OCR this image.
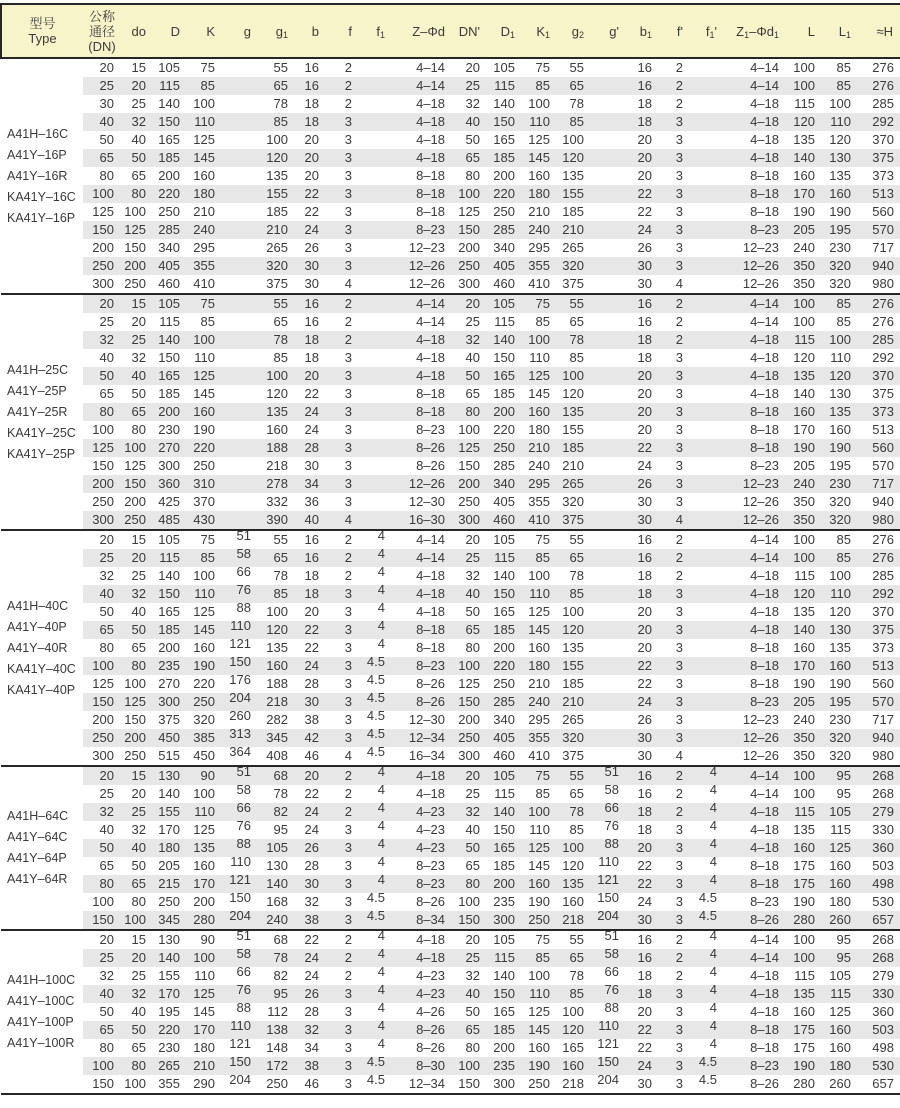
型号
Type

公称
通径
(DN)
	do	D	K	g	$g_1$	b	f	$f_1$	Z–Φd	DN'	$D_1$	$K_1$	$g_2$	g'	$b_1$	f'	$f_1'$	$Z_1-\Phi d_1$	L	$L_1$	≈H

A41H–16C
A41Y–16P
A41Y–16R
KA41Y–16C
KA41Y–16P	20	15	105	75		55	16	2		4–14	20	105	75	55		16	2		4–14	100	85	276
	25	20	115	85		65	16	2		4–14	25	115	85	65		16	2		4–14	100	85	276
	30	25	140	100		78	18	2		4–18	32	140	100	78		18	2		4–18	115	100	285
	40	32	150	110		85	18	3		4–18	40	150	110	85		18	3		4–18	120	110	292
	50	40	165	125		100	20	3		4–18	50	165	125	100		20	3		4–18	135	120	370
	65	50	185	145		120	20	3		4–18	65	185	145	120		20	3		4–18	140	130	375
	80	65	200	160		135	20	3		8–18	80	200	160	135		20	3		8–18	160	135	373
	100	80	220	180		155	22	3		8–18	100	220	180	155		22	3		8–18	170	160	513
	125	100	250	210		185	22	3		8–18	125	250	210	185		22	3		8–18	190	190	560
	150	125	285	240		210	24	3		8–23	150	285	240	210		24	3		8–23	205	195	570
	200	150	340	295		265	26	3		12–23	200	340	295	265		26	3		12–23	240	230	717
	250	200	405	355		320	30	3		12–26	250	405	355	320		30	3		12–26	350	320	940
	300	250	460	410		375	30	4		12–26	300	460	410	375		30	4		12–26	350	320	980

A41H–25C
A41Y–25P
A41Y–25R
KA41Y–25C
KA41Y–25P	20	15	105	75		55	16	2		4–14	20	105	75	55		16	2		4–14	100	85	276
	25	20	115	85		65	16	2		4–14	25	115	85	65		16	2		4–14	100	85	276
	32	25	140	100		78	18	2		4–18	32	140	100	78		18	2		4–18	115	100	285
	40	32	150	110		85	18	3		4–18	40	150	110	85		18	3		4–18	120	110	292
	50	40	165	125		100	20	3		4–18	50	165	125	100		20	3		4–18	135	120	370
	65	50	185	145		120	22	3		8–18	65	185	145	120		20	3		4–18	140	130	375
	80	65	200	160		135	24	3		8–18	80	200	160	135		20	3		8–18	160	135	373
	100	80	230	190		160	24	3		8–23	100	220	180	155		20	3		8–18	170	160	513
	125	100	270	220		188	28	3		8–26	125	250	210	185		22	3		8–18	190	190	560
	150	125	300	250		218	30	3		8–26	150	285	240	210		24	3		8–23	205	195	570
	200	150	360	310		278	34	3		12–26	200	340	295	265		26	3		12–23	240	230	717
	250	200	425	370		332	36	3		12–30	250	405	355	320		30	3		12–26	350	320	940
	300	250	485	430		390	40	4		16–30	300	460	410	375		30	4		12–26	350	320	980

A41H–40C
A41Y–40P
A41Y–40R
KA41Y–40C
KA41Y–40P	20	15	105	75	51	55	16	2	4	4–14	20	105	75	55		16	2		4–14	100	85	276
	25	20	115	85	58	65	16	2	4	4–14	25	115	85	65		16	2		4–14	100	85	276
	32	25	140	100	66	78	18	2	4	4–18	32	140	100	78		18	2		4–18	115	100	285
	40	32	150	110	76	85	18	3	4	4–18	40	150	110	85		18	3		4–18	120	110	292
	50	40	165	125	88	100	20	3	4	4–18	50	165	125	100		20	3		4–18	135	120	370
	65	50	185	145	110	120	22	3	4	8–18	65	185	145	120		20	3		4–18	140	130	375
	80	65	200	160	121	135	22	3	4	8–18	80	200	160	135		20	3		8–18	160	135	373
	100	80	235	190	150	160	24	3	4.5	8–23	100	220	180	155		22	3		8–18	170	160	513
	125	100	270	220	176	188	28	3	4.5	8–26	125	250	210	185		22	3		8–18	190	190	560
	150	125	300	250	204	218	30	3	4.5	8–26	150	285	240	210		24	3		8–23	205	195	570
	200	150	375	320	260	282	38	3	4.5	12–30	200	340	295	265		26	3		12–23	240	230	717
	250	200	450	385	313	345	42	3	4.5	12–34	250	405	355	320		30	3		12–26	350	320	940
	300	250	515	450	364	408	46	4	4.5	16–34	300	460	410	375		30	4		12–26	350	320	980

A41H–64C
A41Y–64C
A41Y–64P
A41Y–64R	20	15	130	90	51	68	20	2	4	4–18	20	105	75	55	51	16	2	4	4–14	100	95	268
	25	20	140	100	58	78	22	2	4	4–18	25	115	85	65	58	16	2	4	4–14	100	95	268
	32	25	155	110	66	82	24	2	4	4–23	32	140	100	78	66	18	2	4	4–18	115	105	279
	40	32	170	125	76	95	24	3	4	4–23	40	150	110	85	76	18	3	4	4–18	135	115	330
	50	40	180	135	88	105	26	3	4	4–23	50	165	125	100	88	20	3	4	4–18	160	125	360
	65	50	205	160	110	130	28	3	4	8–23	65	185	145	120	110	22	3	4	8–18	175	160	503
	80	65	215	170	121	140	30	3	4	8–23	80	200	160	135	121	22	3	4	8–18	175	160	498
	100	80	250	200	150	168	32	3	4.5	8–26	100	235	190	160	150	24	3	4.5	8–23	190	180	530
	150	100	345	280	204	240	38	3	4.5	8–34	150	300	250	218	204	30	3	4.5	8–26	280	260	657

A41H–100C
A41Y–100C
A41Y–100P
A41Y–100R	20	15	130	90	51	68	22	2	4	4–18	20	105	75	55	51	16	2	4	4–14	100	95	268
	25	20	140	100	58	78	24	2	4	4–18	25	115	85	65	58	16	2	4	4–14	100	95	268
	32	25	155	110	66	82	24	2	4	4–23	32	140	100	78	66	18	2	4	4–18	115	105	279
	40	32	170	125	76	95	26	3	4	4–23	40	150	110	85	76	18	3	4	4–18	135	115	330
	50	40	195	145	88	112	28	3	4	4–26	50	165	125	100	88	20	3	4	4–18	160	125	360
	65	50	220	170	110	138	32	3	4	8–26	65	185	145	120	110	22	3	4	8–18	175	160	503
	80	65	230	180	121	148	34	3	4	8–26	80	200	160	165	121	22	3	4	8–18	175	160	498
	100	80	265	210	150	172	38	3	4.5	8–30	100	235	190	160	150	24	3	4.5	8–23	190	180	530
	150	100	355	290	204	250	46	3	4.5	12–34	150	300	250	218	204	30	3	4.5	8–26	280	260	657
